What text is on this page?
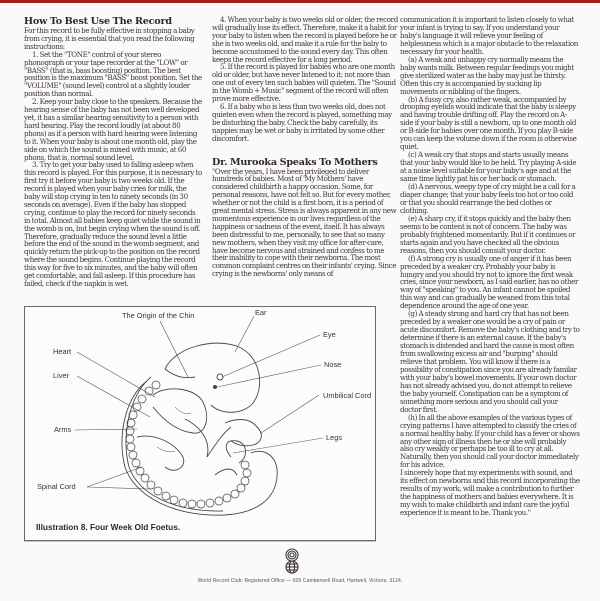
How To Best Use The Record

For this record to be fully effective in stopping a baby from crying, it is essential that you read the following instructions:

1. Set the "TONE" control of your stereo phonograph or your tape recorder at the "LOW" or "BASS" (that is, bass boosting) position. The best position is the maximum "BASS" boost position. Set the "VOLUME" (sound level) control at a slightly louder position than normal.

2. Keep your baby close to the speakers. Because the hearing sense of the baby has not been well developed yet, it has a similar hearing sensitivity to a person with hard hearing. Play the record loudly (at about 80 phons) as if a person with hard hearing were listening to it. When your baby is about one month old, play the side on which the sound is mixed with music, at 60 phons, that is, normal sound level.

3. Try to get your baby used to falling asleep when this record is played. For this purpose, it is necessary to first try it before your baby is two weeks old. If the record is played when your baby cries for milk, the baby will stop crying in ten to ninety seconds (in 30 seconds on average). Even if the baby has stopped crying, continue to play the record for ninety seconds in total. Almost all babies keep quiet while the sound in the womb is on, but begin crying when the sound is off. Therefore, gradually reduce the sound level a little before the end of the sound in the womb segment, and quickly return the pick-up to the position on the record where the sound begins. Continue playing the record this way for five to six minutes, and the baby will often get comfortable, and fall asleep. If this procedure has failed, check if the napkin is wet.

4. When your baby is two weeks old or older, the record will gradually lose its effect. Therefore, make it a habit for your baby to listen when the record is played before he or she is two weeks old, and make it a rule for the baby to become accustomed to the sound every day. This often keeps the record effective for a long period.

5. If the record is played for babies who are one month old or older, but have never listened to it; not more than one out of every ten such babies will quieten. The "Sound in the Womb + Music" segment of the record will often prove more effective.

6. If a baby who is less than two weeks old, does not quieten even when the record is played, something may be disturbing the baby. Check the baby carefully, its nappies may be wet or baby is irritated by some other discomfort.

Dr. Murooka Speaks To Mothers

"Over the years, I have been privileged to deliver hundreds of babies. Most of 'My Mothers' have considered childbirth a happy occasion. Some, for personal reasons, have not felt so. But for every mother, whether or not the child is a first born, it is a period of great mental stress. Stress is always apparent in any new momentous experience in our lives regardless of the happiness or sadness of the event, itself. It has always been distressful to me, personally, to see that so many new mothers, when they visit my office for after-care, have become nervous and strained and confess to me their inability to cope with their newborns. The most common complaint centres on their infants' crying. Since crying is the newborns' only means of

communication it is important to listen closely to what your infant is trying to say. If you understand your baby's language it will relieve your feeling of helplessness which is a major obstacle to the relaxation necessary for your health.

(a) A weak and unhappy cry normally means the baby wants milk. Between regular feedings you might give sterilized water as the baby may just be thirsty. Often this cry is accompanied by sucking lip movements or nibbling of the fingers.

(b) A fussy cry, also rather weak, accompanied by drooping eyelids would indicate that the baby is sleepy and having trouble drifting off. Play the record on A-side if your baby is still a newborn, up to one month old or B-side for babies over one month. If you play B-side you can keep the volume down if the room is otherwise quiet.

(c) A weak cry that stops and starts usually means that your baby would like to be held. Try playing A-side at a noise level suitable for your baby's age and at the same time lightly pat his or her back or stomach.

(d) A nervous, weepy type of cry might be a call for a diaper change; that your baby feels too hot or too cold or that you should rearrange the bed clothes or clothing.

(e) A sharp cry, if it stops quickly and the baby then seems to be content is not of concern. The baby was probably frightened momentarily. But if it continues or starts again and you have checked all the obvious reasons, then you should consult your doctor.

(f) A strong cry is usually one of anger if it has been preceded by a weaker cry. Probably your baby is hungry and you should try not to ignore the first weak cries, since your newborn, as I said earlier, has no other way of "speaking" to you. An infant cannot be spoiled this way and can gradually be weaned from this total dependence around the age of one year.

(g) A steady strong and hard cry that has not been preceded by a weaker one would be a cry of pain or acute discomfort. Remove the baby's clothing and try to determine if there is an external cause. If the baby's stomach is distended and hard the cause is most often from swallowing excess air and "burping" should relieve that problem. You will know if there is a possibility of constipation since you are already familar with your baby's bowel movements. If your own doctor has not already advised you, do not attempt to relieve the baby yourself. Constipation can be a symptom of something more serious and you should call your doctor first.

(h) In all the above examples of the various types of crying patterns I have attempted to classify the cries of a normal healthy baby. If your child has a fever or shows any other sign of illness then he or she will probably also cry weakly or perhaps be too ill to cry at all. Naturally, then you should call your doctor immediately for his advice.

I sincerely hope that my experiments with sound, and its effect on newborns and this record incorporating the results of my work, will make a contribution to further the happiness of mothers and babies everywhere. It is my wish to make childbirth and infant care the joyful experience it is meant to be. Thank you."

The Origin of the Chin	Ear
Eye
Nose
Heart
Liver
Umbilical Cord
Arms
Legs
Spinal Cord
Illustration 8. Four Week Old Foetus.
World Record Club: Registered Office — 605 Camberwell Road, Hartwell, Victoria. 3124.
